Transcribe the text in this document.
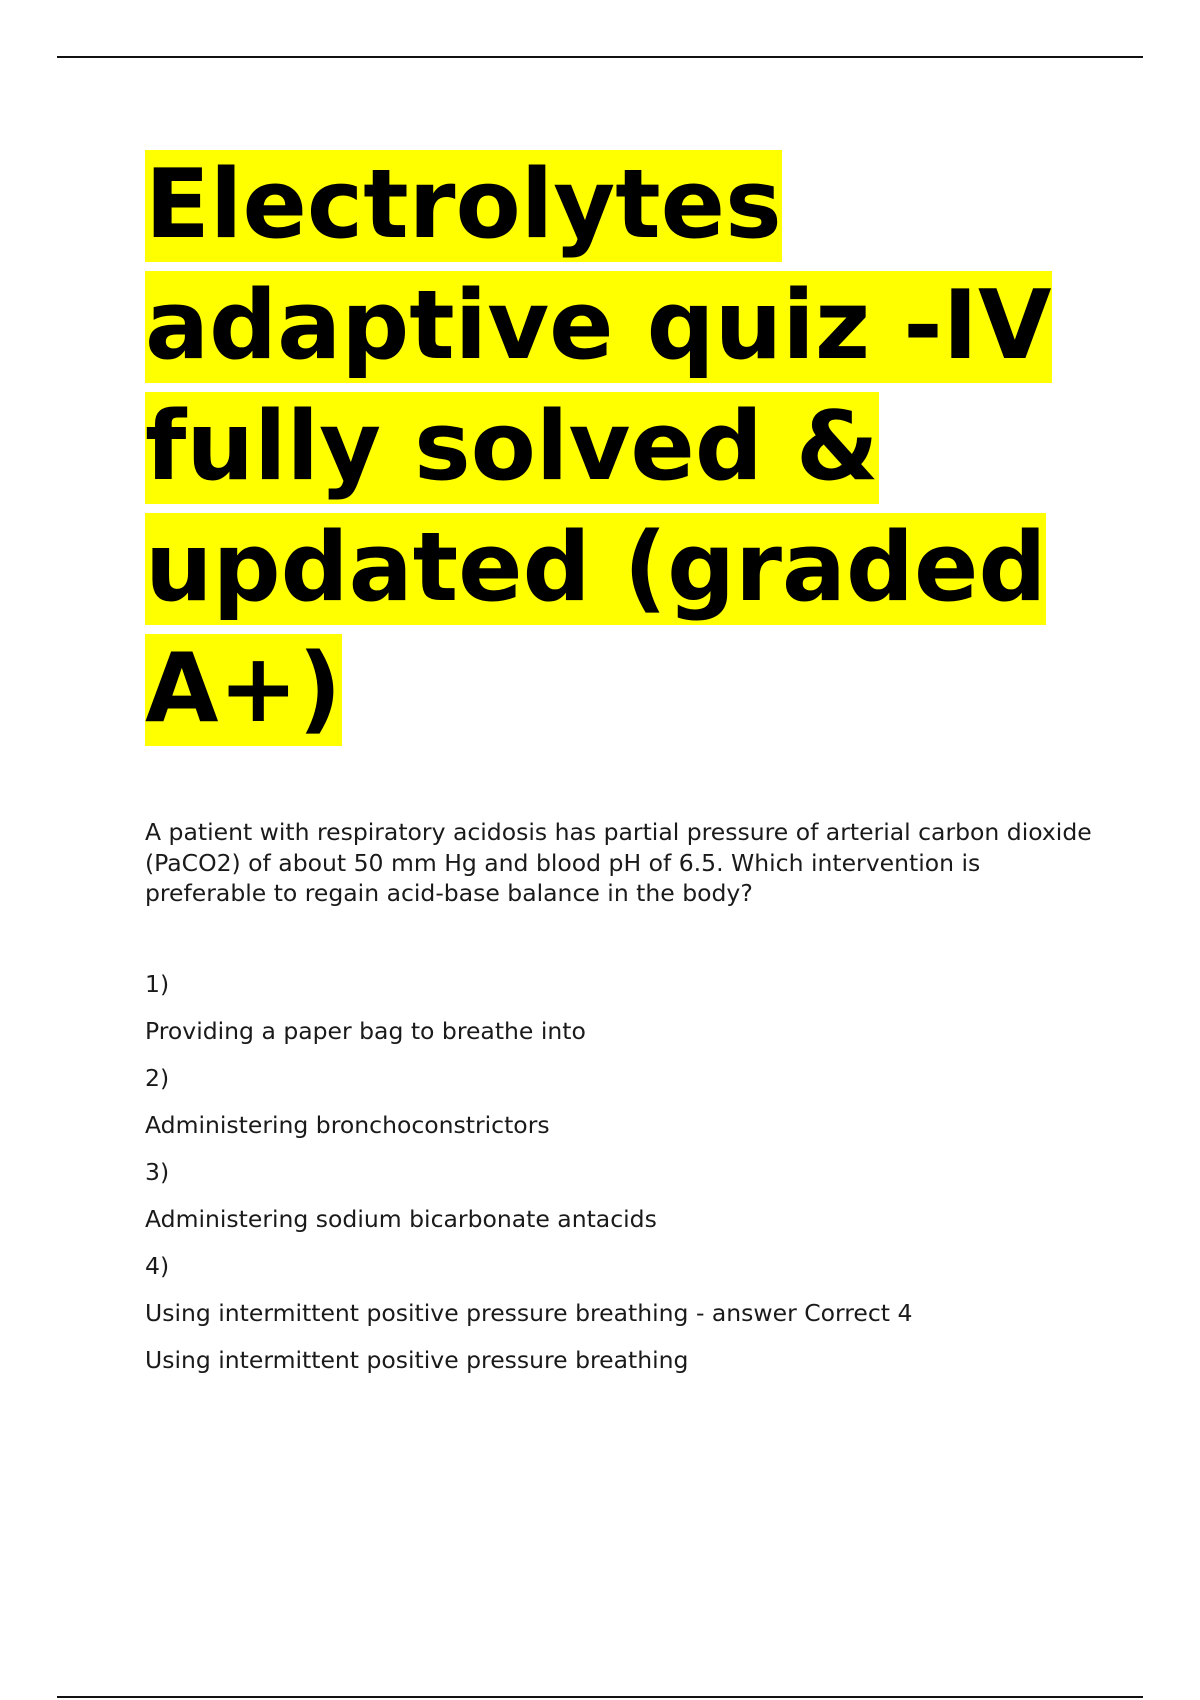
Electrolytes adaptive quiz -IV fully solved & updated (graded A+)

A patient with respiratory acidosis has partial pressure of arterial carbon dioxide (PaCO2) of about 50 mm Hg and blood pH of 6.5. Which intervention is preferable to regain acid-base balance in the body?

1)
Providing a paper bag to breathe into
2)
Administering bronchoconstrictors
3)
Administering sodium bicarbonate antacids
4)
Using intermittent positive pressure breathing - answer Correct 4
Using intermittent positive pressure breathing
